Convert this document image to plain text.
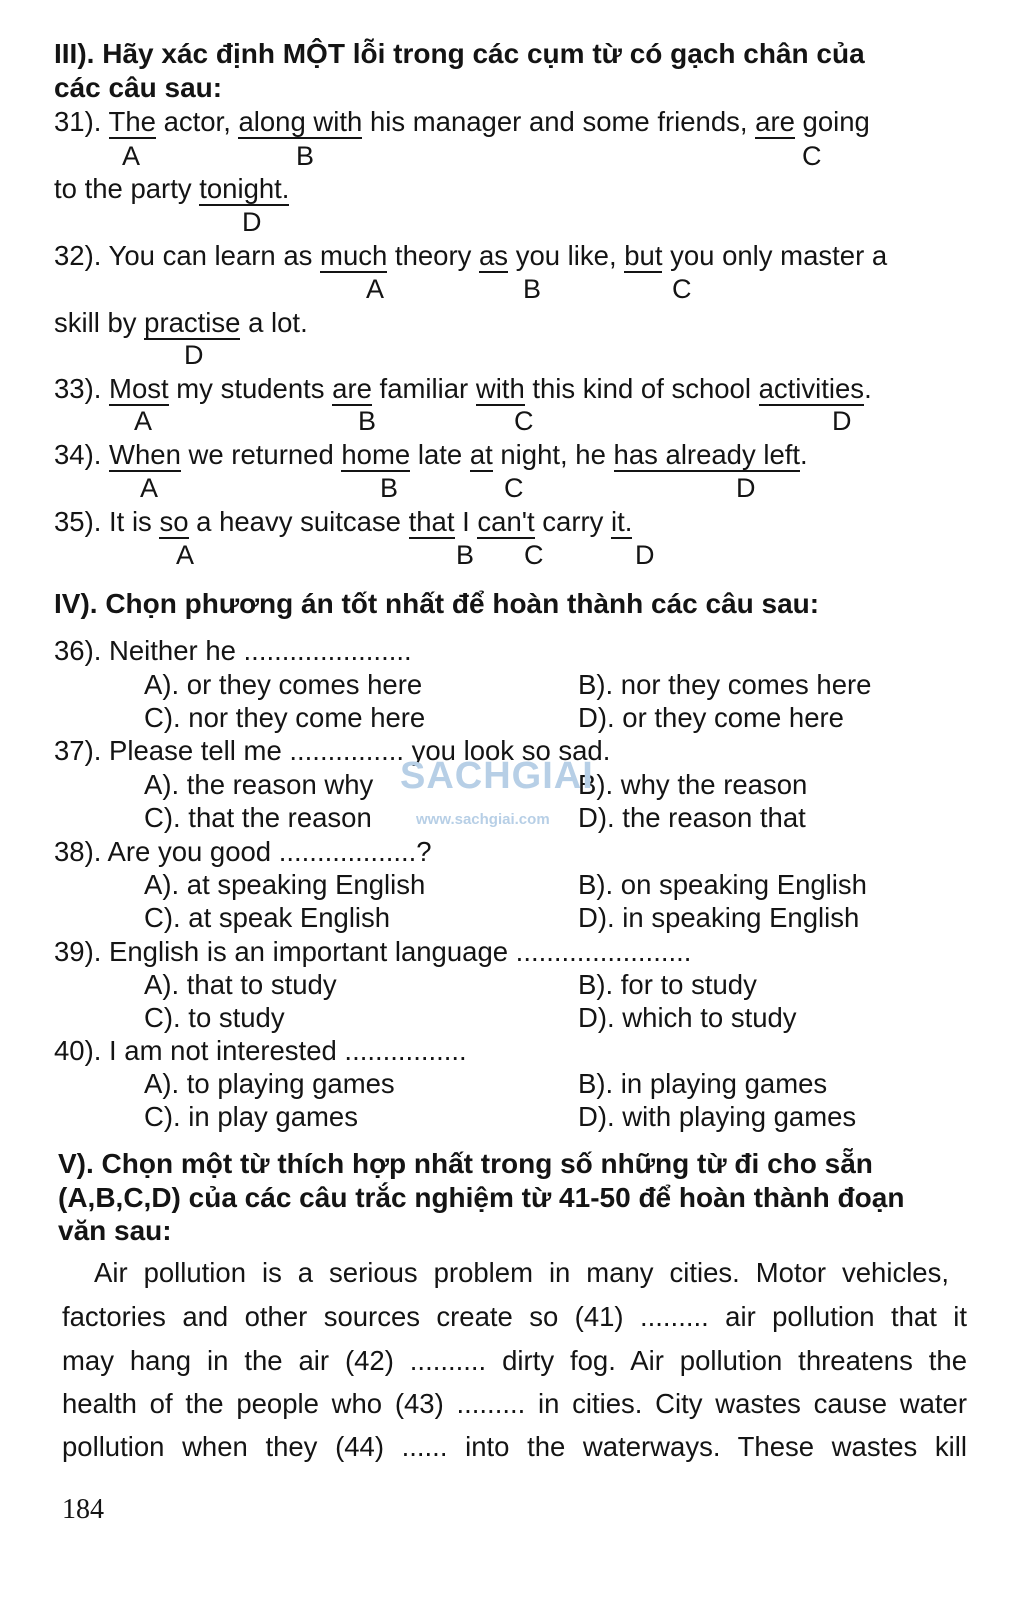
III). Hãy xác định MỘT lỗi trong các cụm từ có gạch chân của
các câu sau:
31). The actor, along with his manager and some friends, are going
A	B	C
to the party tonight.
D
32). You can learn as much theory as you like, but you only master a
A	B	C
skill by practise a lot.
D
33). Most my students are familiar with this kind of school activities.
A	B	C	D
34). When we returned home late at night, he has already left.
A	B	C	D
35). It is so a heavy suitcase that I can't carry it.
A	B C	D
IV). Chọn phương án tốt nhất để hoàn thành các câu sau:
36). Neither he ......................
A). or they comes here	B). nor they comes here
C). nor they come here	D). or they come here
37). Please tell me ............... you look so sad.
A). the reason why	B). why the reason
C). that the reason	D). the reason that
38). Are you good ..................?
A). at speaking English	B). on speaking English
C). at speak English	D). in speaking English
39). English is an important language .......................
A). that to study	B). for to study
C). to study	D). which to study
40). I am not interested ................
A). to playing games	B). in playing games
C). in play games	D). with playing games
V). Chọn một từ thích hợp nhất trong số những từ đi cho sẵn
(A,B,C,D) của các câu trắc nghiệm từ 41-50 để hoàn thành đoạn
văn sau:
Air pollution is a serious problem in many cities. Motor vehicles,
factories and other sources create so (41) ......... air pollution that it
may hang in the air (42) .......... dirty fog. Air pollution threatens the
health of the people who (43) ......... in cities. City wastes cause water
pollution when they (44) ...... into the waterways. These wastes kill
184
SACHGIAI
www.sachgiai.com
